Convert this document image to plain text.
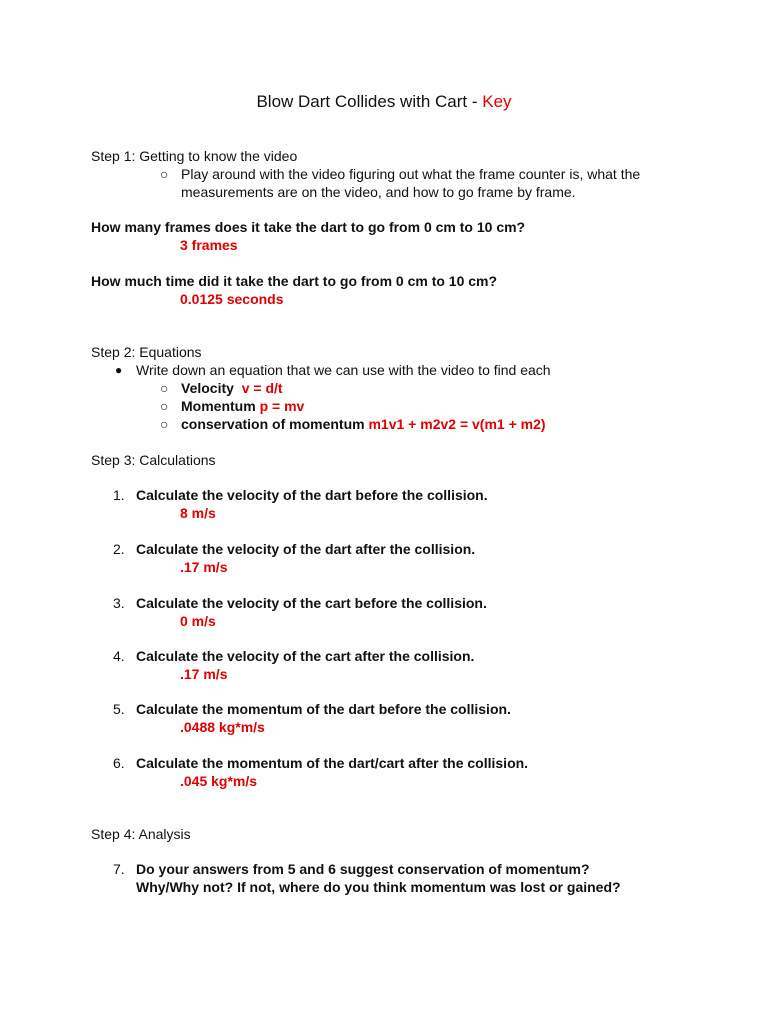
Blow Dart Collides with Cart - Key
Step 1: Getting to know the video
○ Play around with the video figuring out what the frame counter is, what the
measurements are on the video, and how to go frame by frame.
How many frames does it take the dart to go from 0 cm to 10 cm?
3 frames
How much time did it take the dart to go from 0 cm to 10 cm?
0.0125 seconds
Step 2: Equations
● Write down an equation that we can use with the video to find each
○ Velocity v = d/t
○ Momentum p = mv
○ conservation of momentum m1v1 + m2v2 = v(m1 + m2)
Step 3: Calculations
1. Calculate the velocity of the dart before the collision.
8 m/s
2. Calculate the velocity of the dart after the collision.
.17 m/s
3. Calculate the velocity of the cart before the collision.
0 m/s
4. Calculate the velocity of the cart after the collision.
.17 m/s
5. Calculate the momentum of the dart before the collision.
.0488 kg*m/s
6. Calculate the momentum of the dart/cart after the collision.
.045 kg*m/s
Step 4: Analysis
7. Do your answers from 5 and 6 suggest conservation of momentum?
Why/Why not? If not, where do you think momentum was lost or gained?
